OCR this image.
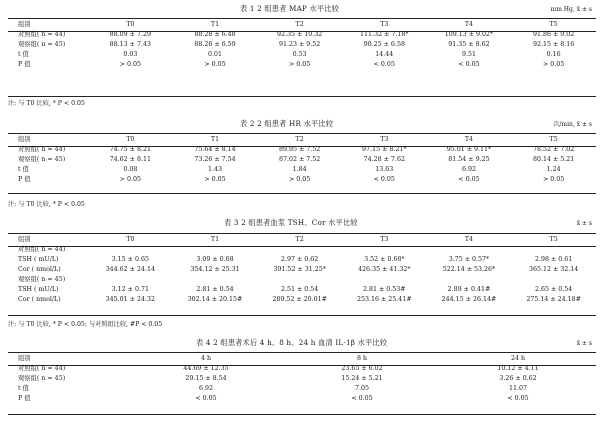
表 1 2 组患者 MAP 水平比较	mm Hg, x̄ ± s
组别	T0	T1	T2	T3	T4	T5
对照组( n = 44)	88.09 ± 7.29	88.28 ± 6.48	92.35 ± 10.32	111.32 ± 7.18*	109.13 ± 9.02*	91.86 ± 9.02
观察组( n = 45)	88.13 ± 7.43	88.26 ± 6.59	91.23 ± 9.52	90.25 ± 6.58	91.35 ± 8.62	92.15 ± 8.16
t 值	0.03	0.01	0.53	14.44	9.51	0.16
P 值	> 0.05	> 0.05	> 0.05	< 0.05	< 0.05	> 0.05
注: 与 T0 比较, * P < 0.05
表 2 2 组患者 HR 水平比较	次/min, x̄ ± s
组别	T0	T1	T2	T3	T4	T5
对照组( n = 44)	74.75 ± 8.21	75.64 ± 8.14	89.95 ± 7.52	97.15 ± 8.21*	95.01 ± 9.11*	78.52 ± 7.02
观察组( n = 45)	74.62 ± 8.11	73.26 ± 7.54	87.02 ± 7.52	74.28 ± 7.62	81.54 ± 9.25	80.14 ± 5.21
t 值	0.08	1.43	1.84	13.63	6.92	1.24
P 值	> 0.05	> 0.05	> 0.05	< 0.05	< 0.05	> 0.05
注: 与 T0 比较, * P < 0.05
表 3 2 组患者血浆 TSH、Cor 水平比较	x̄ ± s
组别	T0	T1	T2	T3	T4	T5
对照组( n = 44)						
TSH ( mU/L)	3.15 ± 0.65	3.09 ± 0.68	2.97 ± 0.62	3.52 ± 0.68*	3.75 ± 0.57*	2.98 ± 0.61
Cor ( nmol/L)	344.62 ± 24.14	354.12 ± 25.31	391.52 ± 31.25*	426.35 ± 41.32*	522.14 ± 53.26*	365.12 ± 32.14
观察组( n = 45)						
TSH ( mU/L)	3.12 ± 0.71	2.81 ± 0.54	2.51 ± 0.54	2.81 ± 0.53#	2.89 ± 0.41#	2.65 ± 0.54
Cor ( nmol/L)	345.01 ± 24.32	302.14 ± 20.15#	289.52 ± 20.01#	253.16 ± 25.41#	244.15 ± 26.14#	275.14 ± 24.18#
注: 与 T0 比较, * P < 0.05; 与对照组比较, #P < 0.05
表 4 2 组患者术后 4 h、8 h、24 h 血清 IL-1β 水平比较	x̄ ± s
组别	4 h	8 h	24 h
对照组( n = 44)	44.69 ± 12.35	23.65 ± 6.02	10.12 ± 4.11
观察组( n = 45)	29.15 ± 8.54	15.24 ± 5.21	3.26 ± 0.62
t 值	6.92	7.05	11.07
P 值	< 0.05	< 0.05	< 0.05
